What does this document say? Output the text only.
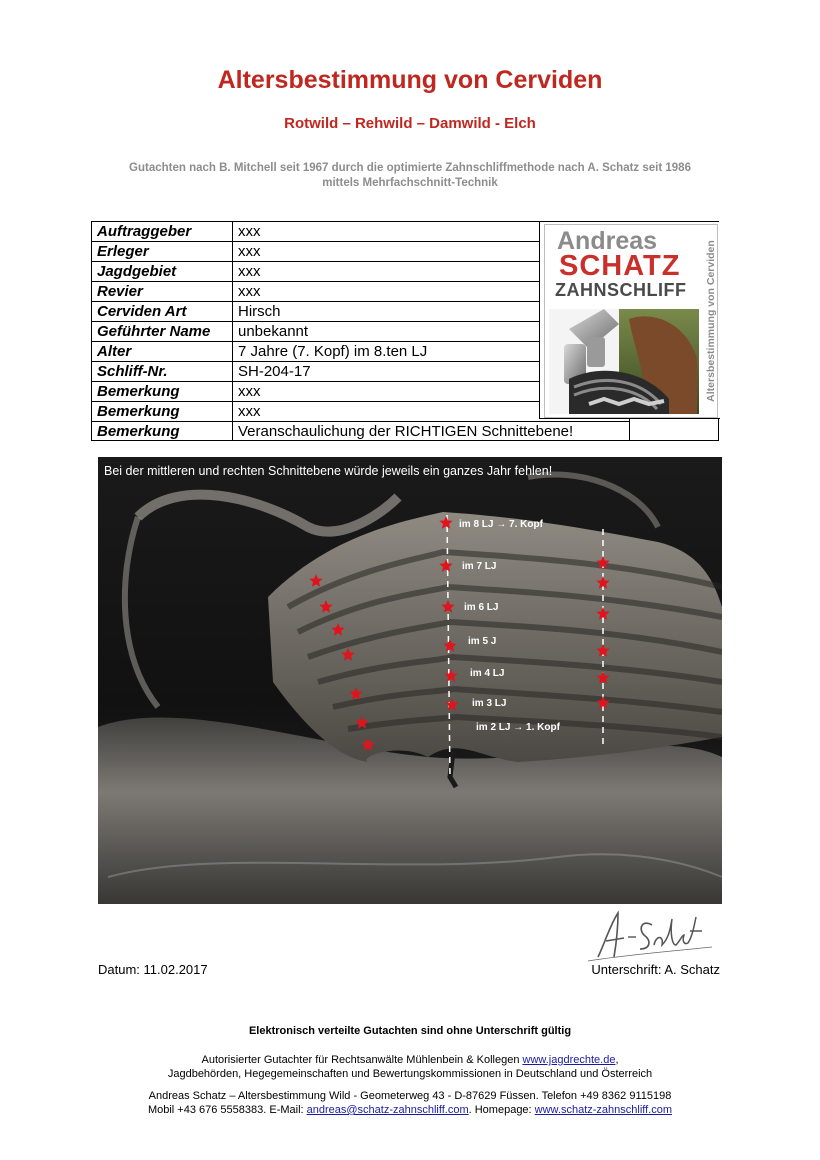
Altersbestimmung von Cerviden
Rotwild – Rehwild – Damwild - Elch
Gutachten nach B. Mitchell seit 1967 durch die optimierte Zahnschliffmethode nach A. Schatz seit 1986
mittels Mehrfachschnitt-Technik
Auftraggeber	xxx
Erleger	xxx
Jagdgebiet	xxx
Revier	xxx
Cerviden Art	Hirsch
Geführter Name	unbekannt
Alter	7 Jahre (7. Kopf) im 8.ten LJ
Schliff-Nr.	SH-204-17
Bemerkung	xxx
Bemerkung	xxx
Bemerkung	Veranschaulichung der RICHTIGEN Schnittebene!
Andreas
SCHATZ
ZAHNSCHLIFF Altersbestimmung von Cerviden
im 8 LJ → 7. Kopf
im 7 LJ
im 6 LJ
im 5 J
im 4 LJ
im 3 LJ
im 2 LJ → 1. Kopf
Bei der mittleren und rechten Schnittebene würde jeweils ein ganzes Jahr fehlen!
Datum: 11.02.2017	Unterschrift: A. Schatz
Elektronisch verteilte Gutachten sind ohne Unterschrift gültig
Autorisierter Gutachter für Rechtsanwälte Mühlenbein & Kollegen www.jagdrechte.de,
Jagdbehörden, Hegegemeinschaften und Bewertungskommissionen in Deutschland und Österreich
Andreas Schatz – Altersbestimmung Wild - Geometerweg 43 - D-87629 Füssen. Telefon +49 8362 9115198
Mobil +43 676 5558383. E-Mail: andreas@schatz-zahnschliff.com. Homepage: www.schatz-zahnschliff.com
